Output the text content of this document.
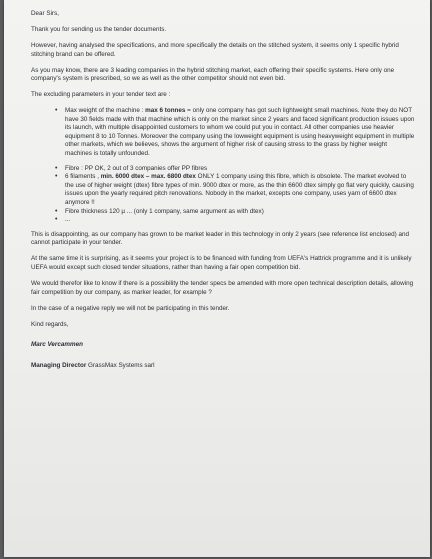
Dear Sirs,

Thank you for sending us the tender documents.

However, having analysed the specifications, and more specifically the details on the stitched system, it seems only 1 specific hybrid stitching brand can be offered.

As you may know, there are 3 leading companies in the hybrid stitching market, each offering their specific systems. Here only one company's system is prescribed, so we as well as the other competitor should not even bid.

The excluding parameters in your tender text are :

• Max weight of the machine : max 6 tonnes = only one company has got such lightweight small machines. Note they do NOT have 30 fields made with that machine which is only on the market since 2 years and faced significant production issues upon its launch, with multiple disappointed customers to whom we could put you in contact. All other companies use heavier equipment 8 to 10 Tonnes. Moreover the company using the lowweight equipment is using heavyweight equipment in multiple other markets, which we believes, shows the argument of higher risk of causing stress to the grass by higher weight machines is totally unfounded.
• Fibre : PP OK, 2 out of 3 companies offer PP fibres
• 6 filaments , min. 6000 dtex – max. 6800 dtex ONLY 1 company using this fibre, which is obsolete. The market evolved to the use of higher weight (dtex) fibre types of min. 9000 dtex or more, as the thin 6600 dtex simply go flat very quickly, causing issues upon the yearly required pitch renovations. Nobody in the market, excepts one company, uses yarn of 6600 dtex anymore !!
• Fibre thickness 120 µ ... (only 1 company, same argument as with dtex)
• ...

This is disappointing, as our company has grown to be market leader in this technology in only 2 years (see reference list enclosed) and cannot participate in your tender.

At the same time it is surprising, as it seems your project is to be financed with funding from UEFA's Hattrick programme and it is unlikely UEFA would except such closed tender situations, rather than having a fair open competition bid.

We would therefor like to know if there is a possibility the tender specs be amended with more open technical description details, allowing fair competition by our company, as marker leader, for example ?

In the case of a negative reply we will not be participating in this tender.

Kind regards,

Marc Vercammen

Managing Director GrassMax Systems sarl
